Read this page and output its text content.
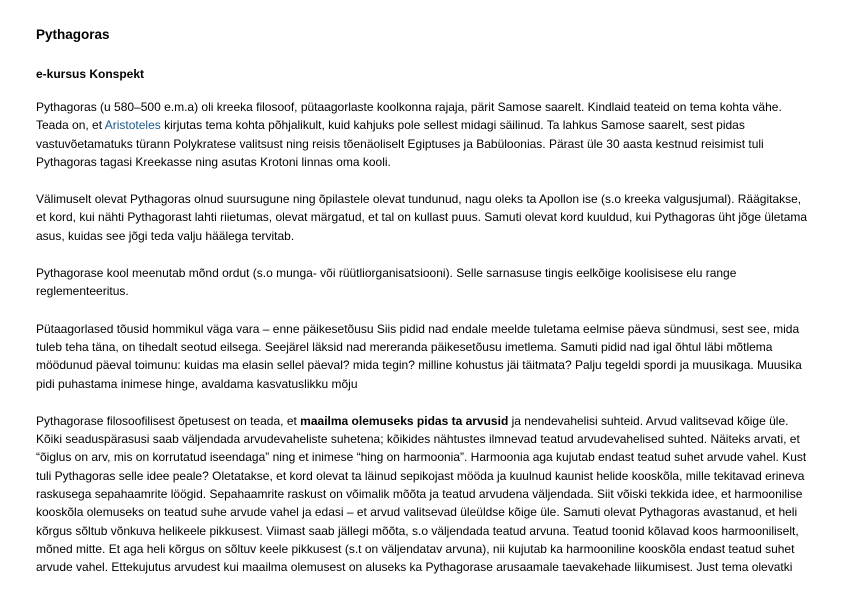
Pythagoras
e-kursus Konspekt

Pythagoras (u 580–500 e.m.a) oli kreeka filosoof, pütaagorlaste koolkonna rajaja, pärit Samose saarelt. Kindlaid teateid on tema kohta vähe. Teada on, et Aristoteles kirjutas tema kohta põhjalikult, kuid kahjuks pole sellest midagi säilinud. Ta lahkus Samose saarelt, sest pidas vastuvõetamatuks türann Polykratese valitsust ning reisis tõenäoliselt Egiptuses ja Babüloonias. Pärast üle 30 aasta kestnud reisimist tuli Pythagoras tagasi Kreekasse ning asutas Krotoni linnas oma kooli.

Välimuselt olevat Pythagoras olnud suursugune ning õpilastele olevat tundunud, nagu oleks ta Apollon ise (s.o kreeka valgusjumal). Räägitakse, et kord, kui nähti Pythagorast lahti riietumas, olevat märgatud, et tal on kullast puus. Samuti olevat kord kuuldud, kui Pythagoras üht jõge ületama asus, kuidas see jõgi teda valju häälega tervitab.

Pythagorase kool meenutab mõnd ordut (s.o munga- või rüütliorganisatsiooni). Selle sarnasuse tingis eelkõige koolisisese elu range reglementeeritus.

Pütaagorlased tõusid hommikul väga vara – enne päikesetõusu Siis pidid nad endale meelde tuletama eelmise päeva sündmusi, sest see, mida tuleb teha täna, on tihedalt seotud eilsega. Seejärel läksid nad mereranda päikesetõusu imetlema. Samuti pidid nad igal õhtul läbi mõtlema möödunud päeval toimunu: kuidas ma elasin sellel päeval? mida tegin? milline kohustus jäi täitmata? Palju tegeldi spordi ja muusikaga. Muusika pidi puhastama inimese hinge, avaldama kasvatuslikku mõju

Pythagorase filosoofilisest õpetusest on teada, et maailma olemuseks pidas ta arvusid ja nendevahelisi suhteid. Arvud valitsevad kõige üle. Kõiki seaduspärasusi saab väljendada arvudevaheliste suhetena; kõikides nähtustes ilmnevad teatud arvudevahelised suhted. Näiteks arvati, et “õiglus on arv, mis on korrutatud iseendaga” ning et inimese “hing on harmoonia”. Harmoonia aga kujutab endast teatud suhet arvude vahel. Kust tuli Pythagoras selle idee peale? Oletatakse, et kord olevat ta läinud sepikojast mööda ja kuulnud kaunist helide kooskõla, mille tekitavad erineva raskusega sepahaamrite löögid. Sepahaamrite raskust on võimalik mõõta ja teatud arvudena väljendada. Siit võiski tekkida idee, et harmoonilise kooskõla olemuseks on teatud suhe arvude vahel ja edasi – et arvud valitsevad üleüldse kõige üle. Samuti olevat Pythagoras avastanud, et heli kõrgus sõltub võnkuva helikeele pikkusest. Viimast saab jällegi mõõta, s.o väljendada teatud arvuna. Teatud toonid kõlavad koos harmooniliselt, mõned mitte. Et aga heli kõrgus on sõltuv keele pikkusest (s.t on väljendatav arvuna), nii kujutab ka harmooniline kooskõla endast teatud suhet arvude vahel. Ettekujutus arvudest kui maailma olemusest on aluseks ka Pythagorase arusaamale taevakehade liikumisest. Just tema olevatki
